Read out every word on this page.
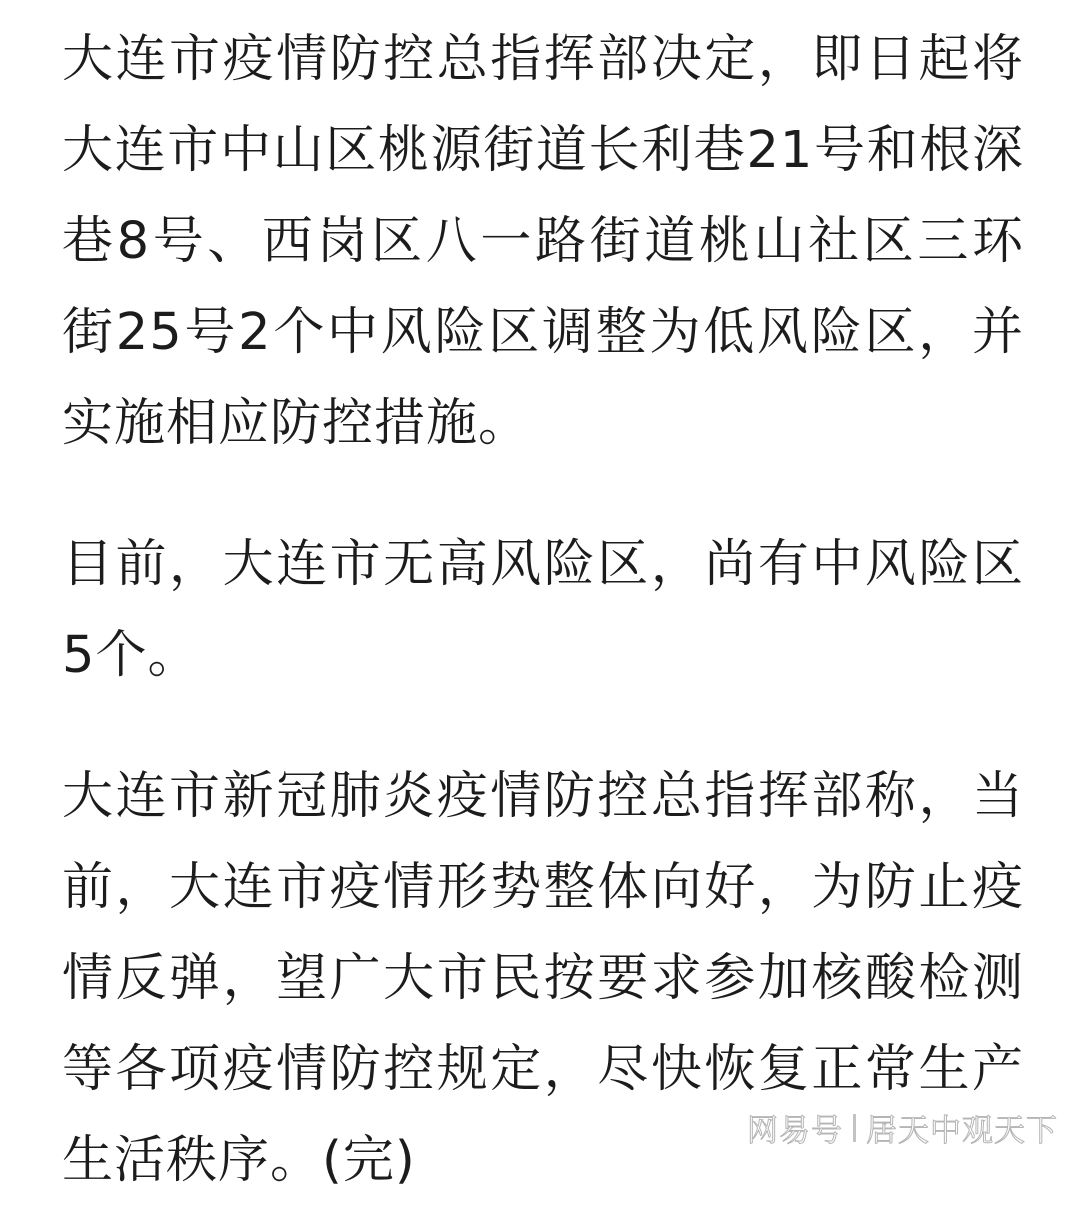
大连市疫情防控总指挥部决定，即日起将大连市中山区桃源街道长利巷21号和根深巷8号、西岗区八一路街道桃山社区三环街25号2个中风险区调整为低风险区，并实施相应防控措施。

目前，大连市无高风险区，尚有中风险区5个。

大连市新冠肺炎疫情防控总指挥部称，当前，大连市疫情形势整体向好，为防止疫情反弹，望广大市民按要求参加核酸检测等各项疫情防控规定，尽快恢复正常生产生活秩序。(完)	网易号 居天中观天下
